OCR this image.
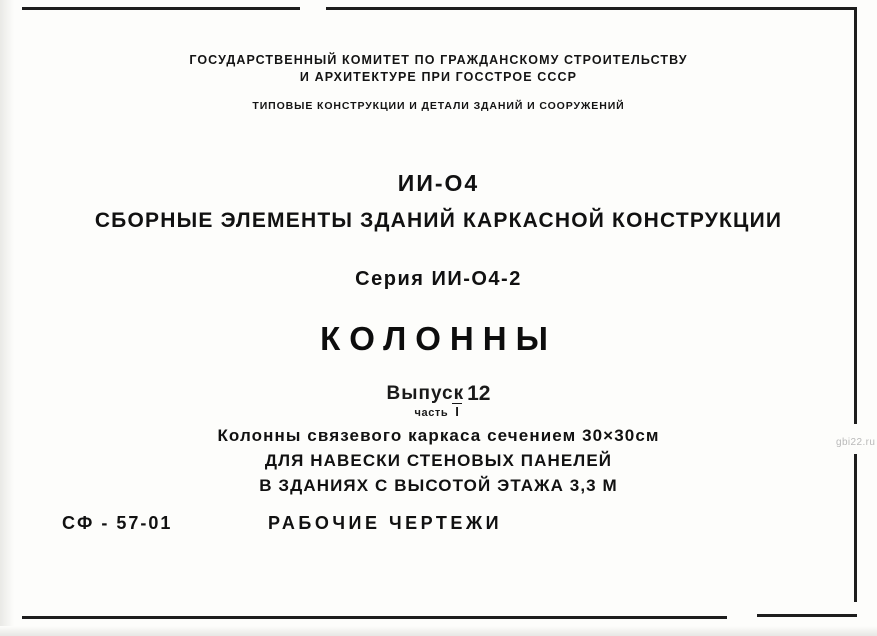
ГОСУДАРСТВЕННЫЙ КОМИТЕТ ПО ГРАЖДАНСКОМУ СТРОИТЕЛЬСТВУ
И АРХИТЕКТУРЕ ПРИ ГОССТРОЕ СССР
ТИПОВЫЕ КОНСТРУКЦИИ И ДЕТАЛИ ЗДАНИЙ И СООРУЖЕНИЙ
ИИ-О4
СБОРНЫЕ ЭЛЕМЕНТЫ ЗДАНИЙ КАРКАСНОЙ КОНСТРУКЦИИ
Серия ИИ-О4-2
КОЛОННЫ
Выпуск 12
часть I
Колонны связевого каркаса сечением 30×30см
ДЛЯ НАВЕСКИ СТЕНОВЫХ ПАНЕЛЕЙ
В ЗДАНИЯХ С ВЫСОТОЙ ЭТАЖА 3,3 М
СФ - 57-01	РАБОЧИЕ ЧЕРТЕЖИ
gbi22.ru
